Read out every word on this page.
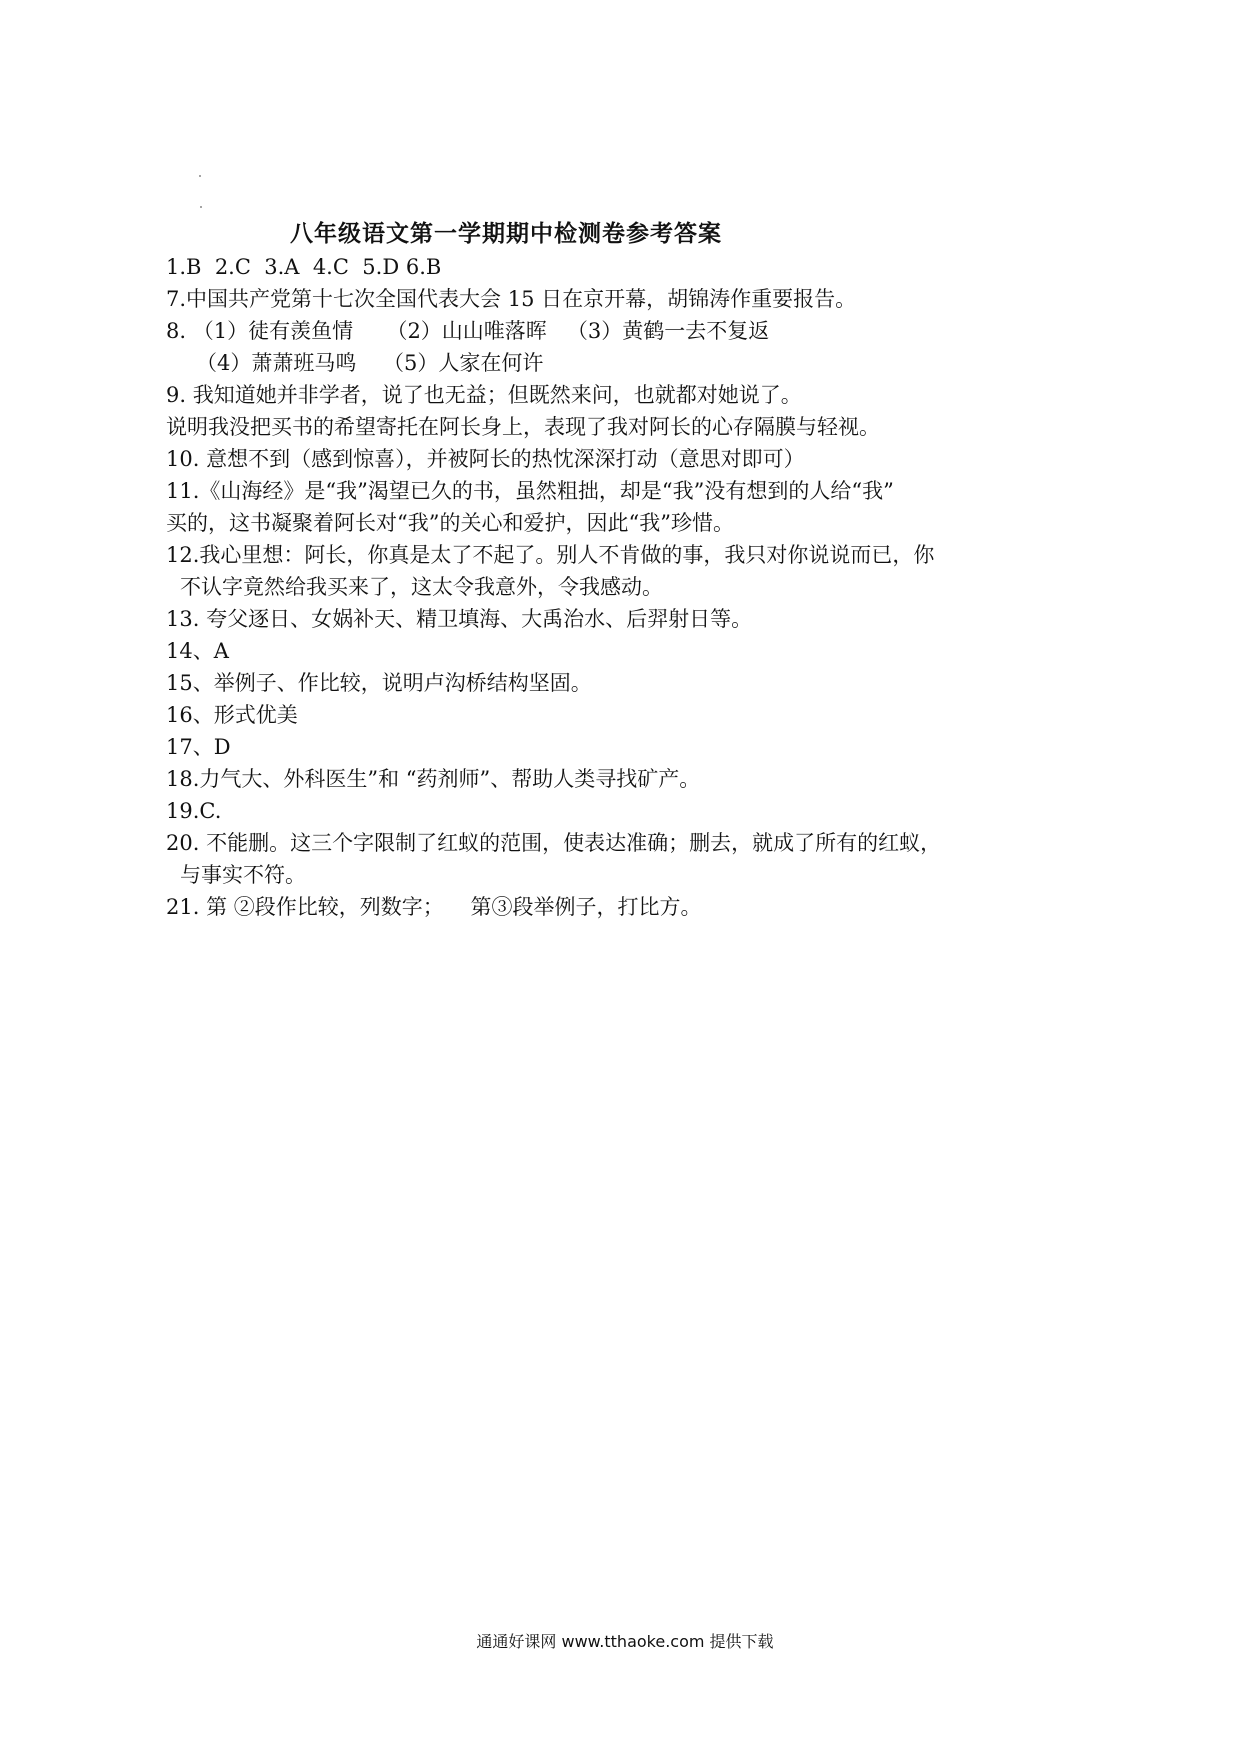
八年级语文第一学期期中检测卷参考答案
1.B  2.C  3.A  4.C  5.D 6.B
7.中国共产党第十七次全国代表大会 15 日在京开幕，胡锦涛作重要报告。
8. （1）徒有羡鱼情     （2）山山唯落晖   （3）黄鹤一去不复返
（4）萧萧班马鸣    （5）人家在何许
9. 我知道她并非学者，说了也无益；但既然来问，也就都对她说了。
说明我没把买书的希望寄托在阿长身上，表现了我对阿长的心存隔膜与轻视。
10. 意想不到（感到惊喜），并被阿长的热忱深深打动（意思对即可）
11.《山海经》是“我”渴望已久的书，虽然粗拙，却是“我”没有想到的人给“我”
买的，这书凝聚着阿长对“我”的关心和爱护，因此“我”珍惜。
12.我心里想：阿长，你真是太了不起了。别人不肯做的事，我只对你说说而已，你
不认字竟然给我买来了，这太令我意外，令我感动。
13. 夸父逐日、女娲补天、精卫填海、大禹治水、后羿射日等。
14、A
15、举例子、作比较，说明卢沟桥结构坚固。
16、形式优美
17、D
18.力气大、外科医生”和 “药剂师”、帮助人类寻找矿产。
19.C.
20. 不能删。这三个字限制了红蚁的范围，使表达准确；删去，就成了所有的红蚁，
与事实不符。
21. 第 ②段作比较，列数字；    第③段举例子，打比方。
通通好课网 www.tthaoke.com 提供下载
